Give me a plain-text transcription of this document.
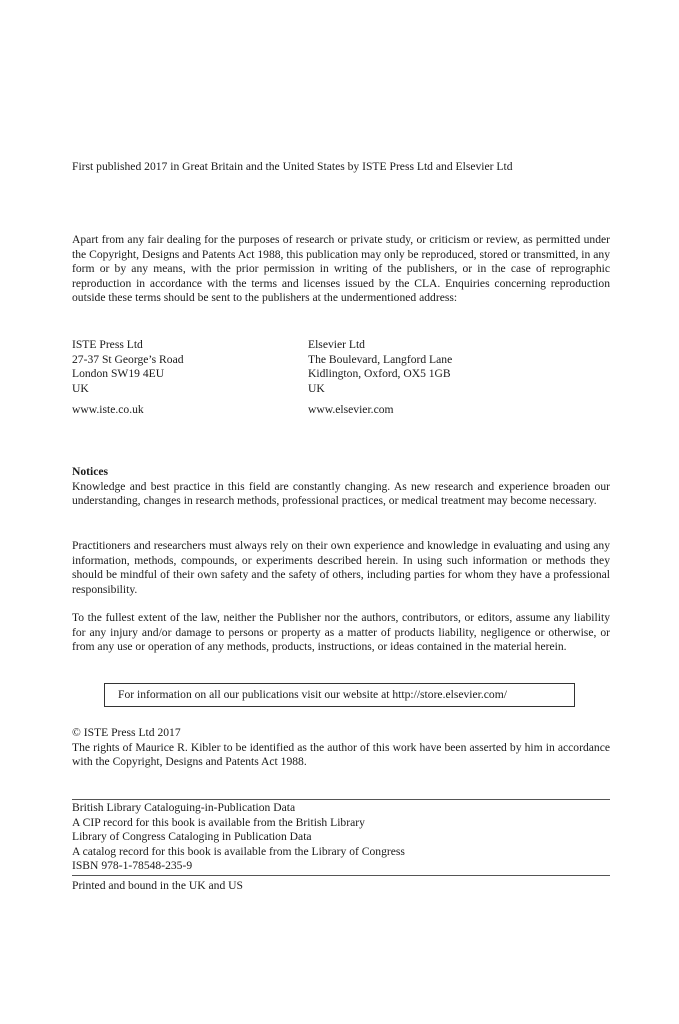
First published 2017 in Great Britain and the United States by ISTE Press Ltd and Elsevier Ltd
Apart from any fair dealing for the purposes of research or private study, or criticism or review, as permitted under the Copyright, Designs and Patents Act 1988, this publication may only be reproduced, stored or transmitted, in any form or by any means, with the prior permission in writing of the publishers, or in the case of reprographic reproduction in accordance with the terms and licenses issued by the CLA. Enquiries concerning reproduction outside these terms should be sent to the publishers at the undermentioned address:
ISTE Press Ltd
27-37 St George’s Road
London SW19 4EU
UK
www.iste.co.uk
Elsevier Ltd
The Boulevard, Langford Lane
Kidlington, Oxford, OX5 1GB
UK
www.elsevier.com
Notices
Knowledge and best practice in this field are constantly changing. As new research and experience broaden our understanding, changes in research methods, professional practices, or medical treatment may become necessary.
Practitioners and researchers must always rely on their own experience and knowledge in evaluating and using any information, methods, compounds, or experiments described herein. In using such information or methods they should be mindful of their own safety and the safety of others, including parties for whom they have a professional responsibility.
To the fullest extent of the law, neither the Publisher nor the authors, contributors, or editors, assume any liability for any injury and/or damage to persons or property as a matter of products liability, negligence or otherwise, or from any use or operation of any methods, products, instructions, or ideas contained in the material herein.
For information on all our publications visit our website at http://store.elsevier.com/
© ISTE Press Ltd 2017
The rights of Maurice R. Kibler to be identified as the author of this work have been asserted by him in accordance with the Copyright, Designs and Patents Act 1988.
British Library Cataloguing-in-Publication Data
A CIP record for this book is available from the British Library
Library of Congress Cataloging in Publication Data
A catalog record for this book is available from the Library of Congress
ISBN 978-1-78548-235-9
Printed and bound in the UK and US
